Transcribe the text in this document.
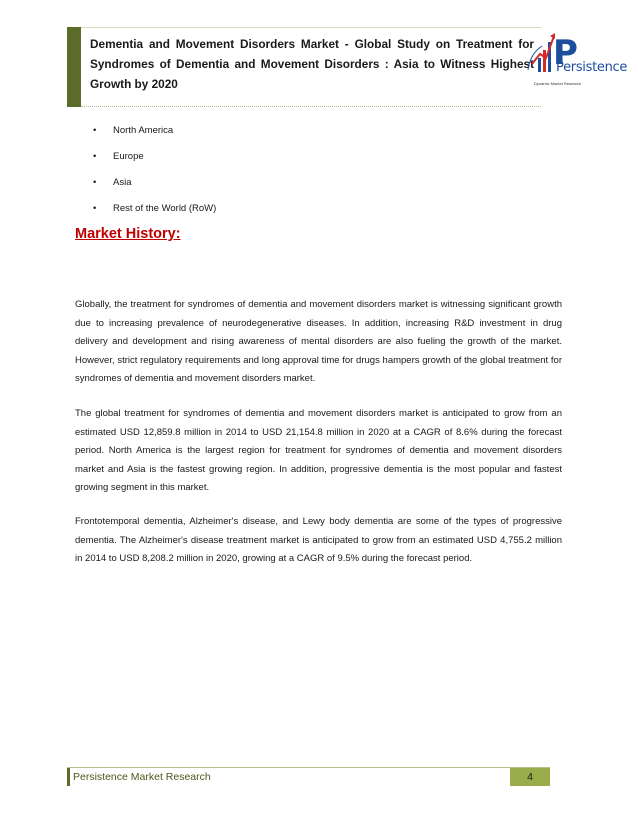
Dementia and Movement Disorders Market - Global Study on Treatment for Syndromes of Dementia and Movement Disorders : Asia to Witness Highest Growth by 2020
P
Persistence
Dynamic Market Research
• North America
• Europe
• Asia
• Rest of the World (RoW)
Market History:
Globally, the treatment for syndromes of dementia and movement disorders market is witnessing significant growth due to increasing prevalence of neurodegenerative diseases. In addition, increasing R&D investment in drug delivery and development and rising awareness of mental disorders are also fueling the growth of the market. However, strict regulatory requirements and long approval time for drugs hampers growth of the global treatment for syndromes of dementia and movement disorders market.
The global treatment for syndromes of dementia and movement disorders market is anticipated to grow from an estimated USD 12,859.8 million in 2014 to USD 21,154.8 million in 2020 at a CAGR of 8.6% during the forecast period. North America is the largest region for treatment for syndromes of dementia and movement disorders market and Asia is the fastest growing region. In addition, progressive dementia is the most popular and fastest growing segment in this market.
Frontotemporal dementia, Alzheimer's disease, and Lewy body dementia are some of the types of progressive dementia. The Alzheimer's disease treatment market is anticipated to grow from an estimated USD 4,755.2 million in 2014 to USD 8,208.2 million in 2020, growing at a CAGR of 9.5% during the forecast period.
Persistence Market Research	4
